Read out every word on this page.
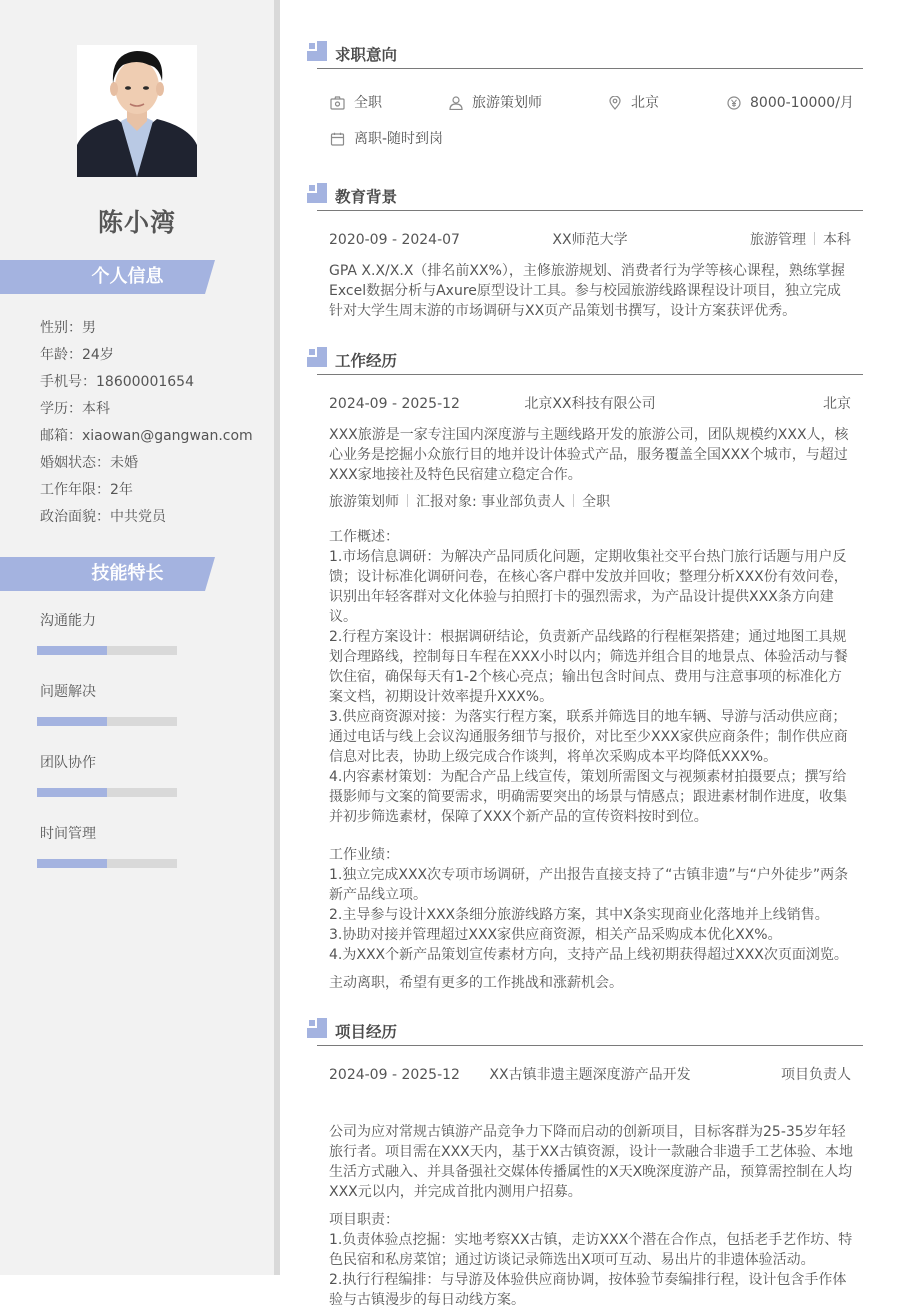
陈小湾
个人信息
性别：男
年龄：24岁
手机号：18600001654
学历：本科
邮箱：xiaowan@gangwan.com
婚姻状态：未婚
工作年限：2年
政治面貌：中共党员
技能特长
沟通能力
问题解决
团队协作
时间管理
求职意向
全职	旅游策划师	北京	8000-10000/月
离职-随时到岗
教育背景
2020-09 - 2024-07	XX师范大学	旅游管理 本科
GPA X.X/X.X（排名前XX%），主修旅游规划、消费者行为学等核心课程，熟练掌握Excel数据分析与Axure原型设计工具。参与校园旅游线路课程设计项目，独立完成针对大学生周末游的市场调研与XX页产品策划书撰写，设计方案获评优秀。
工作经历
2024-09 - 2025-12	北京XX科技有限公司	北京
XXX旅游是一家专注国内深度游与主题线路开发的旅游公司，团队规模约XXX人，核心业务是挖掘小众旅行目的地并设计体验式产品，服务覆盖全国XXX个城市，与超过XXX家地接社及特色民宿建立稳定合作。
旅游策划师 汇报对象: 事业部负责人 全职

工作概述：

1.市场信息调研：为解决产品同质化问题，定期收集社交平台热门旅行话题与用户反馈；设计标准化调研问卷，在核心客户群中发放并回收；整理分析XXX份有效问卷，识别出年轻客群对文化体验与拍照打卡的强烈需求，为产品设计提供XXX条方向建议。

2.行程方案设计：根据调研结论，负责新产品线路的行程框架搭建；通过地图工具规划合理路线，控制每日车程在XXX小时以内；筛选并组合目的地景点、体验活动与餐饮住宿，确保每天有1-2个核心亮点；输出包含时间点、费用与注意事项的标准化方案文档，初期设计效率提升XXX%。

3.供应商资源对接：为落实行程方案，联系并筛选目的地车辆、导游与活动供应商；通过电话与线上会议沟通服务细节与报价，对比至少XXX家供应商条件；制作供应商信息对比表，协助上级完成合作谈判，将单次采购成本平均降低XXX%。

4.内容素材策划：为配合产品上线宣传，策划所需图文与视频素材拍摄要点；撰写给摄影师与文案的简要需求，明确需要突出的场景与情感点；跟进素材制作进度，收集并初步筛选素材，保障了XXX个新产品的宣传资料按时到位。

工作业绩：

1.独立完成XXX次专项市场调研，产出报告直接支持了“古镇非遗”与“户外徒步”两条新产品线立项。

2.主导参与设计XXX条细分旅游线路方案，其中X条实现商业化落地并上线销售。

3.协助对接并管理超过XXX家供应商资源，相关产品采购成本优化XX%。

4.为XXX个新产品策划宣传素材方向，支持产品上线初期获得超过XXX次页面浏览。

主动离职，希望有更多的工作挑战和涨薪机会。

项目经历
2024-09 - 2025-12 XX古镇非遗主题深度游产品开发	项目负责人
公司为应对常规古镇游产品竞争力下降而启动的创新项目，目标客群为25-35岁年轻旅行者。项目需在XXX天内，基于XX古镇资源，设计一款融合非遗手工艺体验、本地生活方式融入、并具备强社交媒体传播属性的X天X晚深度游产品，预算需控制在人均XXX元以内，并完成首批内测用户招募。

项目职责：

1.负责体验点挖掘：实地考察XX古镇，走访XXX个潜在合作点，包括老手艺作坊、特色民宿和私房菜馆；通过访谈记录筛选出X项可互动、易出片的非遗体验活动。

2.执行行程编排：与导游及体验供应商协调，按体验节奏编排行程，设计包含手作体验与古镇漫步的每日动线方案。
